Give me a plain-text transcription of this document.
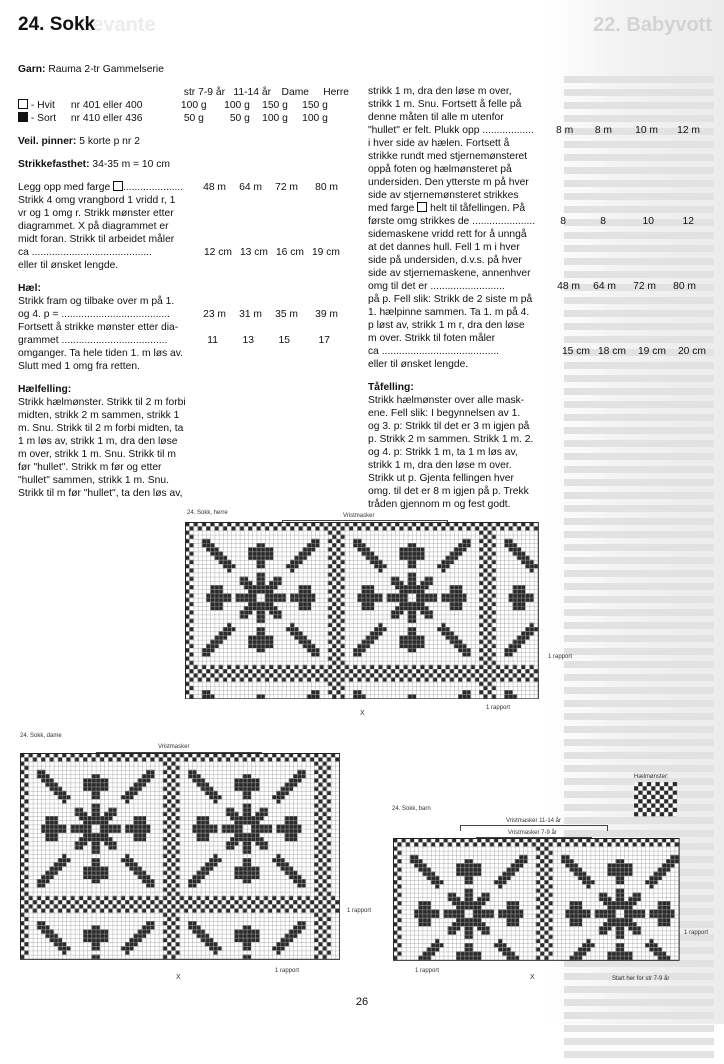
Levante	22. Babyvott
24. Sokk
Garn:
Rauma 2-tr Gammelserie
str 7-9 år 11-14 år	Dame	Herre

- Hvit	nr 401 eller 400	100 g	100 g	150 g	150 g

- Sort	nr 410 eller 436	50 g	50 g	100 g	100 g
Veil. pinner:
5 korte p nr 2
Strikkefasthet:
34-35 m = 10 cm
Legg opp med farge .....................	48 m	64 m	72 m	80 m
Strikk 4 omg vrangbord 1 vridd r, 1
vr og 1 omg r. Strikk mønster etter
diagrammet. X på diagrammet er
midt foran. Strikk til arbeidet måler
ca ..........................................	12 cm 13 cm 16 cm 19 cm
eller til ønsket lengde.
Hæl:
Strikk fram og tilbake over m på 1.
og 4. p = ......................................	23 m	31 m	35 m	39 m
Fortsett å strikke mønster etter dia-
grammet .....................................	11	13	15	17
omganger. Ta hele tiden 1. m løs av.
Slutt med 1 omg fra retten.
Hælfelling:
Strikk hælmønster. Strikk til 2 m forbi
midten, strikk 2 m sammen, strikk 1
m. Snu. Strikk til 2 m forbi midten, ta
1 m løs av, strikk 1 m, dra den løse
m over, strikk 1 m. Snu. Strikk til m
før "hullet". Strikk m før og etter
"hullet" sammen, strikk 1 m. Snu.
Strikk til m før "hullet", ta den løs av,
strikk 1 m, dra den løse m over,
strikk 1 m. Snu. Fortsett å felle på
denne måten til alle m utenfor
"hullet" er felt. Plukk opp ..................	8 m	8 m	10 m	12 m
i hver side av hælen. Fortsett å
strikke rundt med stjernemønsteret
oppå foten og hælmønsteret på
undersiden. Den ytterste m på hver
side av stjernemønsteret strikkes
med farge

helt til tåfellingen. På
første omg strikkes de ......................	8	8	10	12
sidemaskene vridd rett for å unngå
at det dannes hull. Fell 1 m i hver
side på undersiden, d.v.s. på hver
side av stjernemaskene, annenhver
omg til det er ..........................	48 m	64 m	72 m	80 m
på p. Fell slik: Strikk de 2 siste m på
1. hælpinne sammen. Ta 1. m på 4.
p løst av, strikk 1 m r, dra den løse
m over. Strikk til foten måler
ca .........................................	15 cm 18 cm	19 cm	20 cm
eller til ønsket lengde.
Tåfelling:
Strikk hælmønster over alle mask-
ene. Fell slik: I begynnelsen av 1.
og 3. p: Strikk til det er 3 m igjen på
p. Strikk 2 m sammen. Strikk 1 m. 2.
og 4. p: Strikk 1 m, ta 1 m løs av,
strikk 1 m, dra den løse m over.
Strikk ut p. Gjenta fellingen hver
omg. til det er 8 m igjen på p. Trekk
tråden gjennom m og fest godt.
24. Sokk, herre	Vristmasker
1 rapport
1 rapport
X
24. Sokk, dame
Vristmasker
1 rapport
1 rapport
X
24. Sokk, barn
Vristmasker 11-14 år
Vristmasker 7-9 år
1 rapport
1 rapport
X	Start her for str 7-9 år
Hælmønster:
26
